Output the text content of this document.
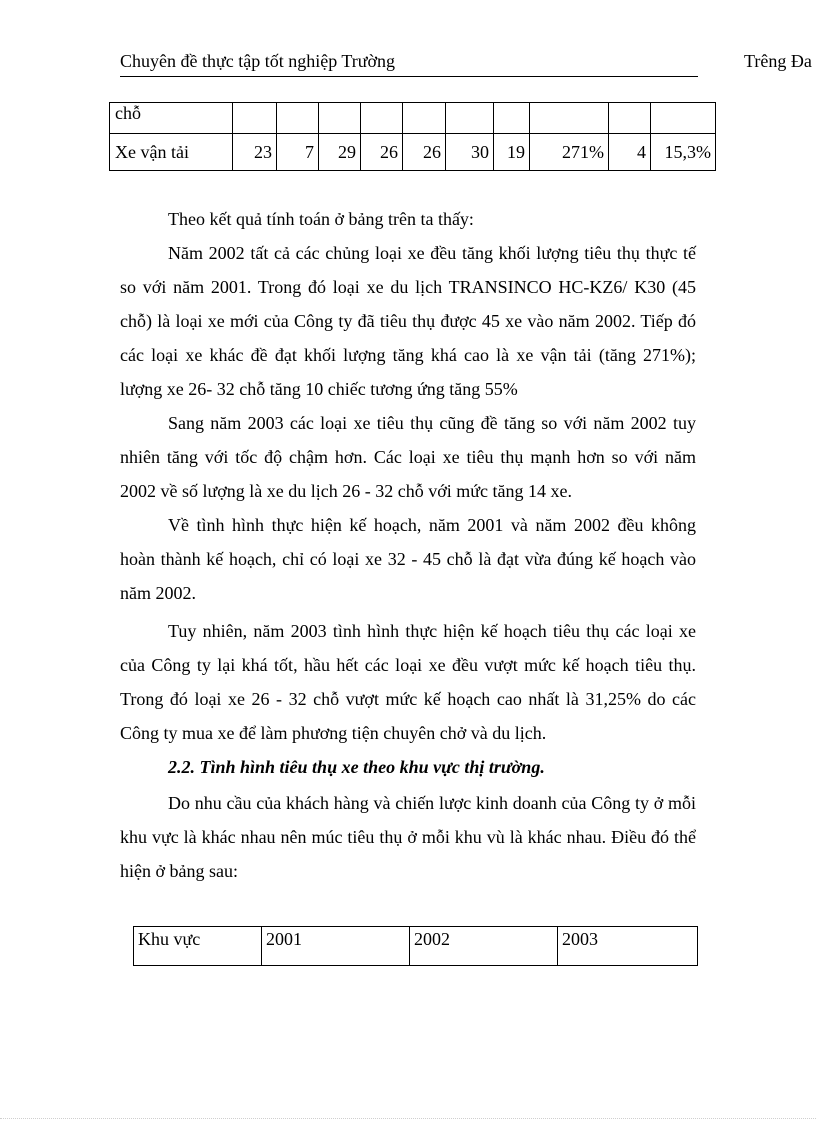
Chuyên đề thực tập tốt nghiệp Trường	Trêng Đa
chỗ										
Xe vận tải	23	7	29	26	26	30	19	271%	4	15,3%

Theo kết quả tính toán ở bảng trên ta thấy:

Năm 2002 tất cả các chủng loại xe đều tăng khối lượng tiêu thụ thực tế so với năm 2001. Trong đó loại xe du lịch TRANSINCO HC-KZ6/ K30 (45 chỗ) là loại xe mới của Công ty đã tiêu thụ được 45 xe vào năm 2002. Tiếp đó các loại xe khác đề đạt khối lượng tăng khá cao là xe vận tải (tăng 271%); lượng xe 26- 32 chỗ tăng 10 chiếc tương ứng tăng 55%

Sang năm 2003 các loại xe tiêu thụ cũng đề tăng so với năm 2002 tuy nhiên tăng với tốc độ chậm hơn. Các loại xe tiêu thụ mạnh hơn so với năm 2002 về số lượng là xe du lịch 26 - 32 chỗ với mức tăng 14 xe.

Về tình hình thực hiện kế hoạch, năm 2001 và năm 2002 đều không hoàn thành kế hoạch, chỉ có loại xe 32 - 45 chỗ là đạt vừa đúng kế hoạch vào năm 2002.

Tuy nhiên, năm 2003 tình hình thực hiện kế hoạch tiêu thụ các loại xe của Công ty lại khá tốt, hầu hết các loại xe đều vượt mức kế hoạch tiêu thụ. Trong đó loại xe 26 - 32 chỗ vượt mức kế hoạch cao nhất là 31,25% do các Công ty mua xe để làm phương tiện chuyên chở và du lịch.

2.2. Tình hình tiêu thụ xe theo khu vực thị trường.

Do nhu cầu của khách hàng và chiến lược kinh doanh của Công ty ở mỗi khu vực là khác nhau nên múc tiêu thụ ở mỗi khu vù là khác nhau. Điều đó thể hiện ở bảng sau:

Khu vực	2001	2002	2003
